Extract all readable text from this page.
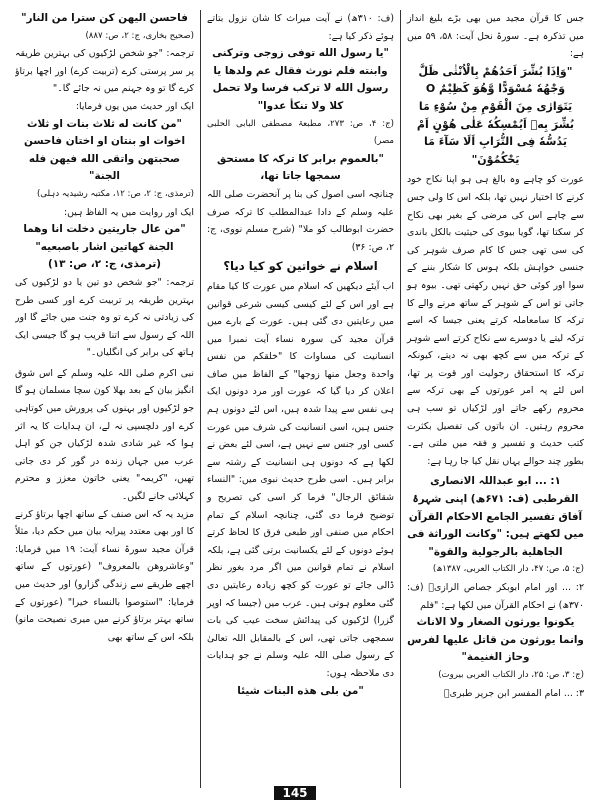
جس کا قرآن مجید میں بھی بڑے بلیغ انداز میں تذکرہ ہے۔ سورۃ نحل آیت: ۵۸، ۵۹ میں ہے:

"وَاِذَا بُشِّرَ اَحَدُهُمْ بِالْاُنْثٰی ظَلَّ وَجْهُهٗ مُسْوَدًّا وَّهُوَ كَظِيْمٌ O يَتَوَارٰی مِنَ الْقَوْمِ مِنْ سُوْءِ مَا بُشِّرَ بِهٖ اَيُمْسِكُهٗ عَلٰی هُوْنٍ اَمْ يَدُسُّهٗ فِی التُّرَابِ اَلَا سَآءَ مَا يَحْكُمُوْنَ"

عورت کو چاہے وہ بالغ ہی ہو اپنا نکاح خود کرنے کا اختیار نہیں تھا، بلکہ اس کا ولی جس سے چاہے اس کی مرضی کے بغیر بھی نکاح کر سکتا تھا، گویا بیوی کی حیثیت بالکل باندی کی سی تھی جس کا کام صرف شوہر کی جنسی خواہش بلکہ ہوس کا شکار بننے کے سوا اور کوئی حق نہیں رکھتی تھی۔ بیوہ ہو جاتی تو اس کے شوہر کے ساتھ مرنے والے کا ترکہ کا سامعاملہ کرتے یعنی جیسا کہ اسے ترکہ لیتے یا دوسرے سے نکاح کرتے اسے شوہر کے ترکہ میں سے کچھ بھی نہ دیتے، کیونکہ ترکہ کا استحقاق رجولیت اور قوت پر تھا، اس لئے پہ امر عورتوں کے بھی ترکہ سے محروم رکھے جاتے اور لڑکیاں تو سب ہی محروم رہتیں۔ ان باتوں کی تفصیل بکثرت کتب حدیث و تفسیر و فقہ میں ملتی ہے۔ بطور چند حوالے یہاں نقل کیا جا رہا ہے:

۱: ... ابو عبداللہ الانصاری القرطبی (ف: ۶۷۱ھ) اپنی شہرۂ آفاق تفسیر الجامع الاحکام القرآن میں لکھتے ہیں: "وكانت الوراثة فی الجاهلية بالرجولية والقوة"

(ج: ۵، ص: ۴۷، دار الکتاب العربی، ۱۳۸۷ھ)

۲: ... اور امام ابوبکر جصاص الرازیؒ (ف: ۳۷۰ھ) نے احکام القرآن میں لکھا ہے: "فلم

يكونوا يورثون الصغار ولا الاناث وانما يورثون من قاتل عليها لفرس وحاز الغنيمة"

(ج: ۳، ص: ۲۵، دار الکتاب العربی بیروت)

۳: ... امام المفسر ابن جریر طبریؒ

(ف: ۳۱۰ھ) نے آیت میراث کا شان نزول بتاتے ہوئے ذکر کیا ہے:

"يا رسول الله توفی زوجی وترکنی وابنته فلم نورث فقال عم ولدها يا رسول الله لا تركب فرسا ولا تحمل كلا ولا تنكأ عدوا"

(ج: ۴، ص: ۲۷۳، مطبعۃ مصطفی البابی الحلبی مصر)

"بالعموم برابر کا ترکہ کا مستحق سمجھا جاتا تھا،

چنانچہ اسی اصول کی بنا پر آنحضرت صلی اللہ علیہ وسلم کے دادا عبدالمطلب کا ترکہ صرف حضرت ابوطالب کو ملا" (شرح مسلم نووی، ج: ۲، ص: ۳۶)

اسلام نے خواتین کو کیا دیا؟

اب آیئے دیکھیں کہ اسلام میں عورت کا کیا مقام ہے اور اس کے لئے کیسی کیسی شرعی قوانین میں رعایتیں دی گئی ہیں۔ عورت کے بارے میں قرآن مجید کی سورہ نساء آیت نمبرا میں انسانیت کی مساوات کا "خلقكم من نفس واحدة وجعل منها زوجها" کے الفاظ میں صاف اعلان کر دیا گیا کہ عورت اور مرد دونوں ایک ہی نفس سے پیدا شدہ ہیں، اس لئے دونوں ہم جنس ہیں، اسی انسانیت کی شرف میں عورت کسی اور جنس سے نہیں ہے، اسی لئے بعض نے لکھا ہے کہ دونوں ہی انسانیت کے رشتہ سے برابر ہیں۔ اسی طرح حدیث نبوی میں: "النساء شقائق الرجال" فرما کر اسی کی تصریح و توضیح فرما دی گئی، چنانچہ اسلام کے تمام احکام میں صنفی اور طبعی فرق کا لحاظ کرتے ہوئے دونوں کے لئے یکسانیت برتی گئی ہے، بلکہ اسلام نے تمام قوانین میں اگر مرد بغور نظر ڈالی جائے تو عورت کو کچھ زیادہ رعایتیں دی گئی معلوم ہوتی ہیں۔ عرب میں (جیسا کہ اوپر گزرا) لڑکیوں کی پیدائش سخت عیب کی بات سمجھی جاتی تھی، اس کے بالمقابل اللہ تعالیٰ کے رسول صلی اللہ علیہ وسلم نے جو ہدایات دی ملاحظہ ہوں:

"من بلی هذه البنات شيئا

فاحسن اليهن كن سترا من النار"

(صحیح بخاری، ج: ۲، ص: ۸۸۷)

ترجمہ: "جو شخص لڑکیوں کی بہترین طریقہ پر سر پرستی کرے (تربیت کرے) اور اچھا برتاؤ کرے گا تو وہ جہنم میں نہ جائے گا۔"

ایک اور حدیث میں یوں فرمایا:

"من كانت له ثلاث بنات او ثلاث اخوات او بنتان او اختان فاحسن صحبتهن واتقى الله فيهن فله الجنة"

(ترمذی، ج: ۲، ص: ۱۲، مکتبہ رشیدیہ دہلی)

ایک اور روایت میں یہ الفاظ ہیں:

"من عال جاريتين دخلت انا وهما الجنة كهاتين اشار باصبعيه" (ترمذی، ج: ۲، ص: ۱۳)

ترجمہ: "جو شخص دو تین یا دو لڑکیوں کی بہترین طریقہ پر تربیت کرے اور کسی طرح کی زیادتی نہ کرے تو وہ جنت میں جائے گا اور اللہ کے رسول سے اتنا قریب ہو گا جیسی ایک ہاتھ کی برابر کی انگلیاں۔"

نبی اکرم صلی اللہ علیہ وسلم کے اس شوق انگیز بیان کے بعد بھلا کون سچا مسلمان ہو گا جو لڑکیوں اور بہنوں کی پرورش میں کوتاہی کرے اور دلچسپی نہ لے، ان ہدایات کا یہ اثر ہوا کہ غیر شادی شدہ لڑکیاں جن کو اہل عرب میں جہاں زندہ در گور کر دی جاتی تھیں، "کریمہ" یعنی خاتون معزز و محترم کہلائی جانے لگیں۔

مزید یہ کہ اس صنف کے ساتھ اچھا برتاؤ کرنے کا اور بھی معتدد پیرایہ بیان میں حکم دیا، مثلاً قرآن مجید سورۃ نساء آیت: ۱۹ میں فرمایا: "وعاشروهن بالمعروف" (عورتوں کے ساتھ اچھے طریقے سے زندگی گزارو) اور حدیث میں فرمایا: "استوصوا بالنساء خيرا" (عورتوں کے ساتھ بہتر برتاؤ کرنے میں میری نصیحت مانو) بلکہ اس کے ساتھ بھی

145
